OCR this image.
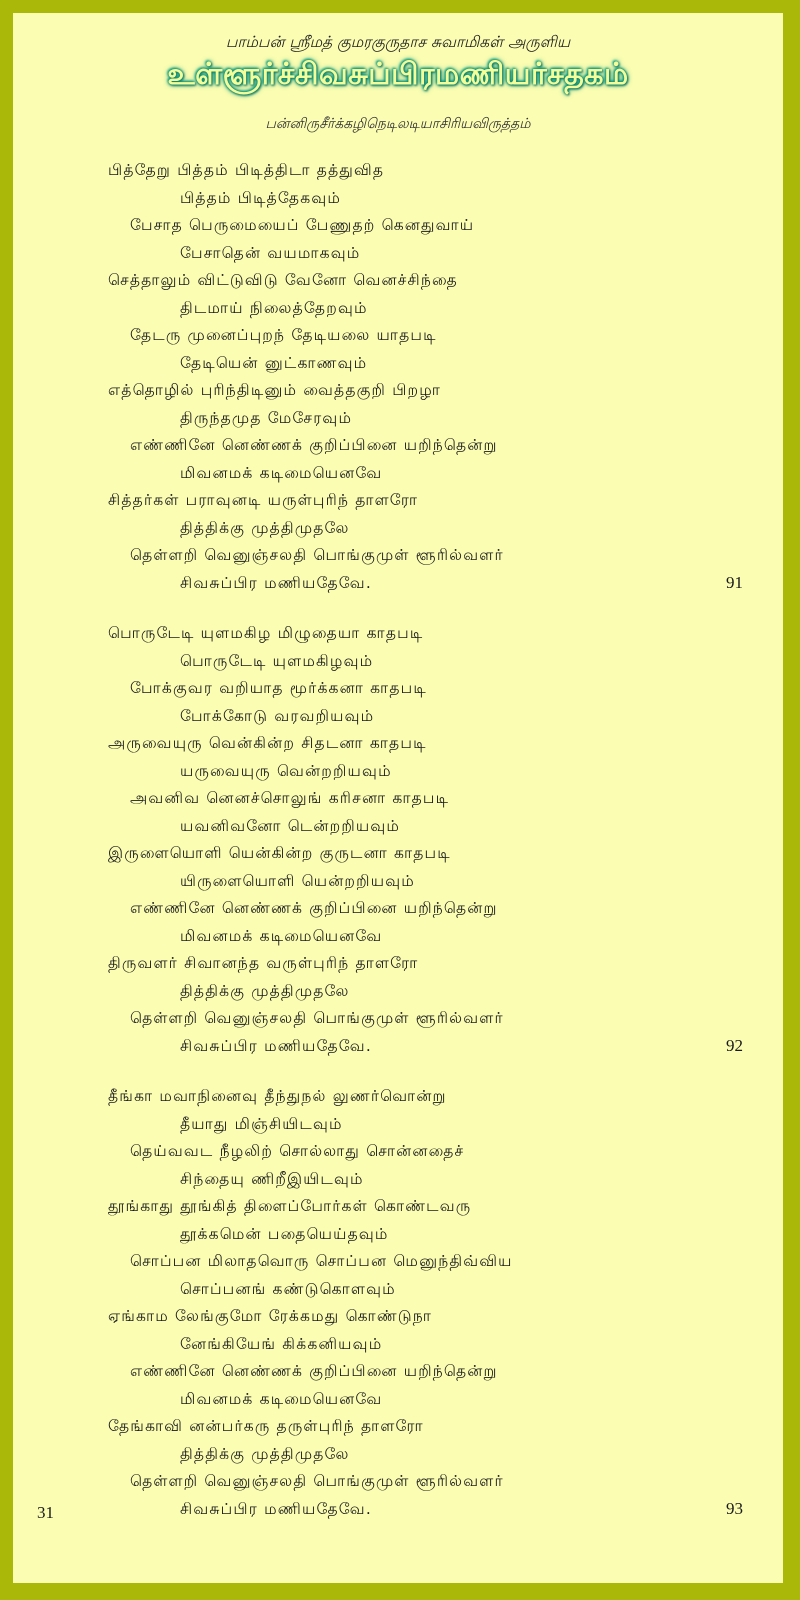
பாம்பன் ஸ்ரீமத் குமரகுருதாச சுவாமிகள் அருளிய
உள்ளூர்ச்சிவசுப்பிரமணியர்சதகம்
பன்னிருசீர்க்கழிநெடிலடியாசிரியவிருத்தம்
பித்தேறு பித்தம் பிடித்திடா தத்துவித
பித்தம் பிடித்தேகவும்
பேசாத பெருமையைப் பேணுதற் கெனதுவாய்
பேசாதென் வயமாகவும்
செத்தாலும் விட்டுவிடு வேனோ வெனச்சிந்தை
திடமாய் நிலைத்தேறவும்
தேடரு முனைப்புறந் தேடியலை யாதபடி
தேடியென் னுட்காணவும்
எத்தொழில் புரிந்திடினும் வைத்தகுறி பிறழா
திருந்தமுத மேசேரவும்
எண்ணினே னெண்ணக் குறிப்பினை யறிந்தென்று
மிவனமக் கடிமையெனவே
சித்தர்கள் பராவுனடி யருள்புரிந் தாளரோ
தித்திக்கு முத்திமுதலே
தெள்ளறி வெனுஞ்சலதி பொங்குமுள் ளூரில்வளர்
சிவசுப்பிர மணியதேவே.	91
பொருடேடி யுளமகிழ மிழுதையா காதபடி
பொருடேடி யுளமகிழவும்
போக்குவர வறியாத மூர்க்கனா காதபடி
போக்கோடு வரவறியவும்
அருவையுரு வென்கின்ற சிதடனா காதபடி
யருவையுரு வென்றறியவும்
அவனிவ னெனச்சொலுங் கரிசனா காதபடி
யவனிவனோ டென்றறியவும்
இருளையொளி யென்கின்ற குருடனா காதபடி
யிருளையொளி யென்றறியவும்
எண்ணினே னெண்ணக் குறிப்பினை யறிந்தென்று
மிவனமக் கடிமையெனவே
திருவளர் சிவானந்த வருள்புரிந் தாளரோ
தித்திக்கு முத்திமுதலே
தெள்ளறி வெனுஞ்சலதி பொங்குமுள் ளூரில்வளர்
சிவசுப்பிர மணியதேவே.	92
தீங்கா மவாநினைவு தீந்துநல் லுணர்வொன்று
தீயாது மிஞ்சியிடவும்
தெய்வவட நீழலிற் சொல்லாது சொன்னதைச்
சிந்தையு ணிறீஇயிடவும்
தூங்காது தூங்கித் திளைப்போர்கள் கொண்டவரு
தூக்கமென் பதையெய்தவும்
சொப்பன மிலாதவொரு சொப்பன மெனுந்திவ்விய
சொப்பனங் கண்டுகொளவும்
ஏங்காம லேங்குமோ ரேக்கமது கொண்டுநா
னேங்கியேங் கிக்கனியவும்
எண்ணினே னெண்ணக் குறிப்பினை யறிந்தென்று
மிவனமக் கடிமையெனவே
தேங்காவி னன்பர்கரு தருள்புரிந் தாளரோ
தித்திக்கு முத்திமுதலே
தெள்ளறி வெனுஞ்சலதி பொங்குமுள் ளூரில்வளர்
சிவசுப்பிர மணியதேவே.	93
31
